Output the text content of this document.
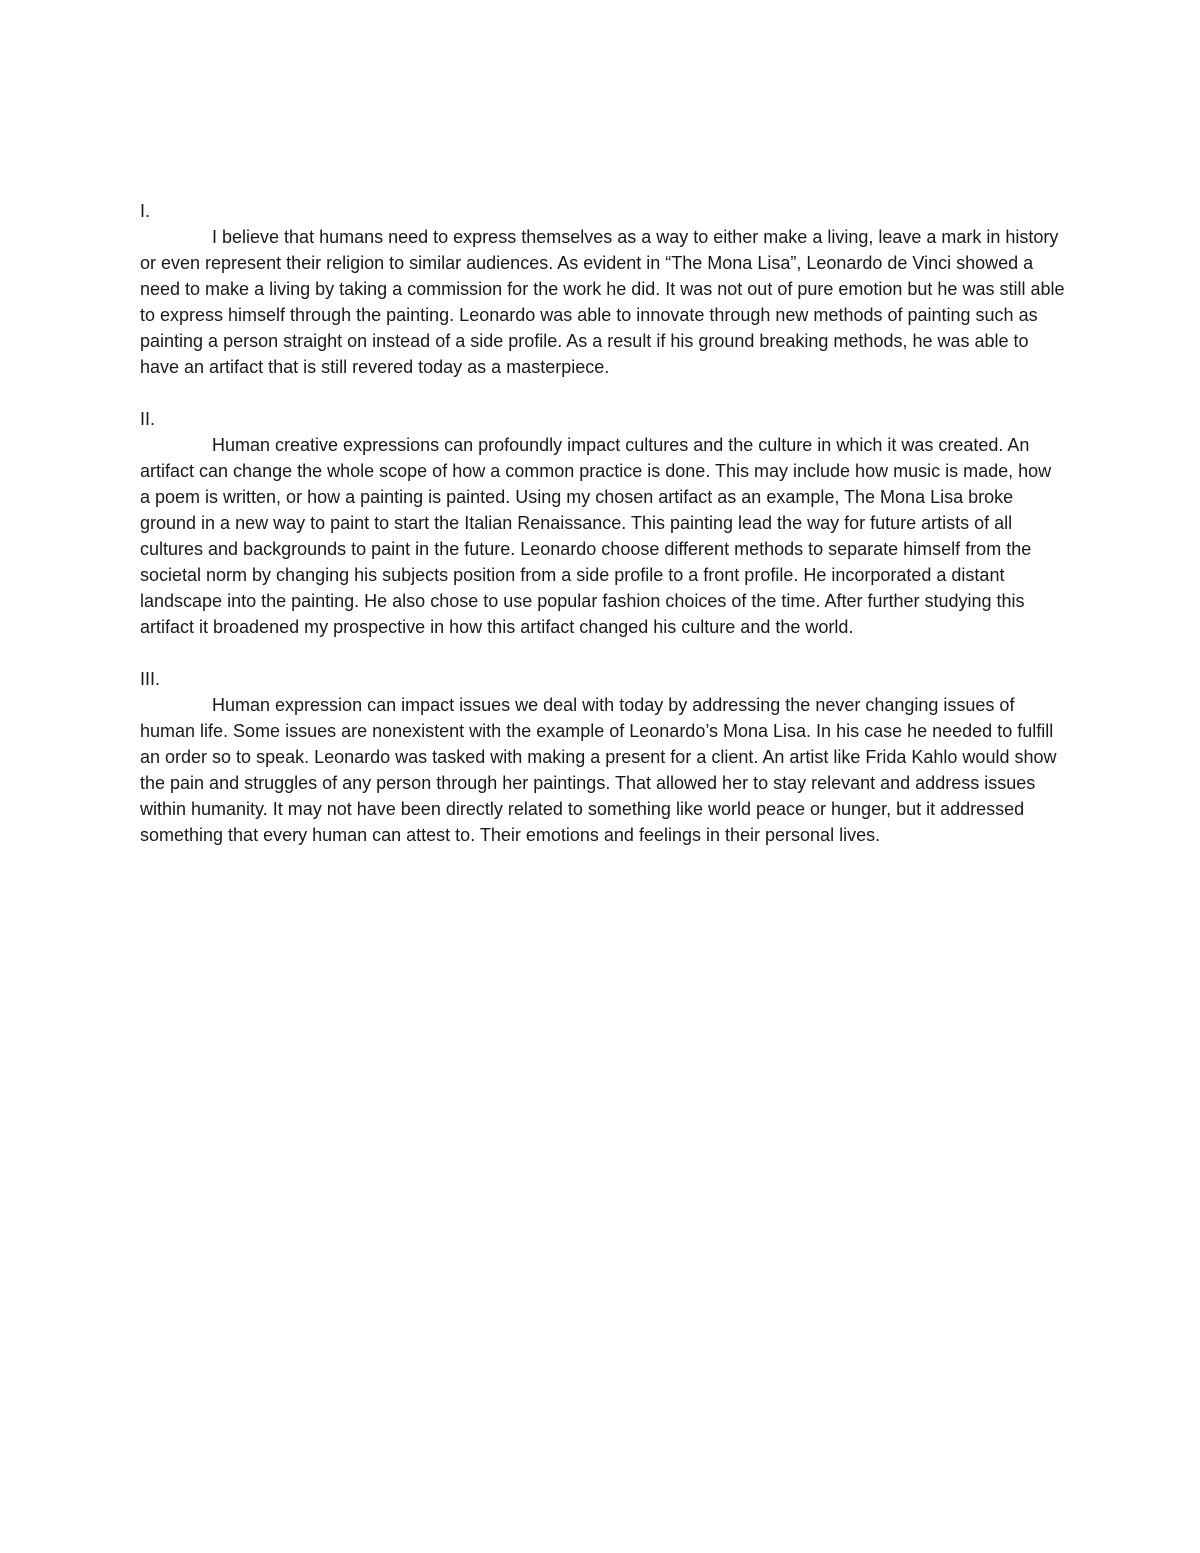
I.

I believe that humans need to express themselves as a way to either make a living, leave a mark in history or even represent their religion to similar audiences. As evident in “The Mona Lisa”, Leonardo de Vinci showed a need to make a living by taking a commission for the work he did. It was not out of pure emotion but he was still able to express himself through the painting. Leonardo was able to innovate through new methods of painting such as painting a person straight on instead of a side profile. As a result if his ground breaking methods, he was able to have an artifact that is still revered today as a masterpiece.

II.

Human creative expressions can profoundly impact cultures and the culture in which it was created. An artifact can change the whole scope of how a common practice is done. This may include how music is made, how a poem is written, or how a painting is painted. Using my chosen artifact as an example, The Mona Lisa broke ground in a new way to paint to start the Italian Renaissance. This painting lead the way for future artists of all cultures and backgrounds to paint in the future. Leonardo choose different methods to separate himself from the societal norm by changing his subjects position from a side profile to a front profile. He incorporated a distant landscape into the painting. He also chose to use popular fashion choices of the time. After further studying this artifact it broadened my prospective in how this artifact changed his culture and the world.

III.

Human expression can impact issues we deal with today by addressing the never changing issues of human life. Some issues are nonexistent with the example of Leonardo’s Mona Lisa. In his case he needed to fulfill an order so to speak. Leonardo was tasked with making a present for a client. An artist like Frida Kahlo would show the pain and struggles of any person through her paintings. That allowed her to stay relevant and address issues within humanity. It may not have been directly related to something like world peace or hunger, but it addressed something that every human can attest to. Their emotions and feelings in their personal lives.
